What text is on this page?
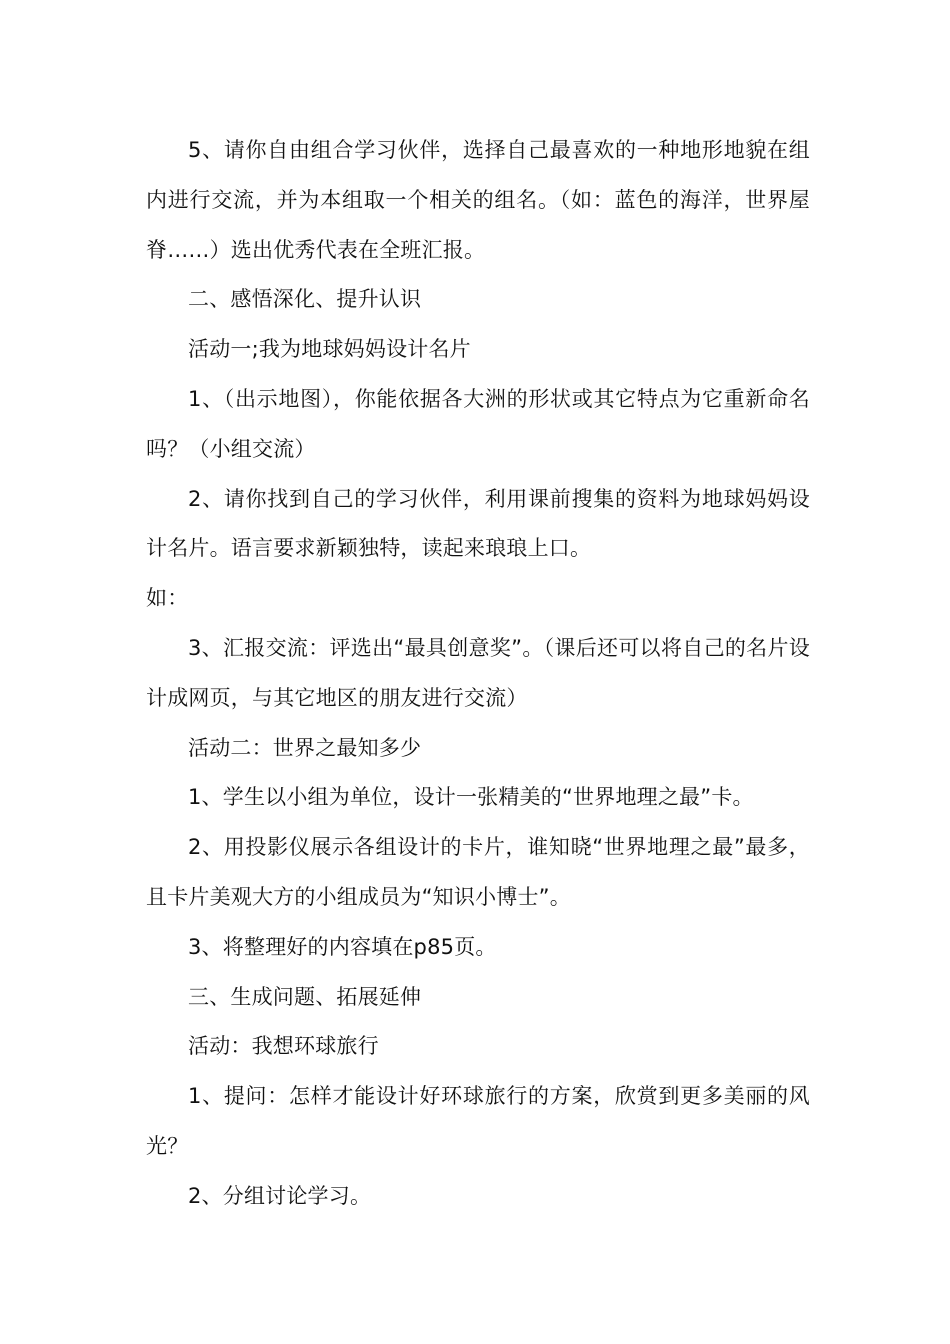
5、请你自由组合学习伙伴，选择自己最喜欢的一种地形地貌在组内进行交流，并为本组取一个相关的组名。（如：蓝色的海洋，世界屋脊……）选出优秀代表在全班汇报。

二、感悟深化、提升认识

活动一;我为地球妈妈设计名片

1、（出示地图），你能依据各大洲的形状或其它特点为它重新命名吗？（小组交流）

2、请你找到自己的学习伙伴，利用课前搜集的资料为地球妈妈设计名片。语言要求新颖独特，读起来琅琅上口。

如：

3、汇报交流：评选出“最具创意奖”。（课后还可以将自己的名片设计成网页，与其它地区的朋友进行交流）

活动二：世界之最知多少

1、学生以小组为单位，设计一张精美的“世界地理之最”卡。

2、用投影仪展示各组设计的卡片，谁知晓“世界地理之最”最多，且卡片美观大方的小组成员为“知识小博士”。

3、将整理好的内容填在p85页。

三、生成问题、拓展延伸

活动：我想环球旅行

1、提问：怎样才能设计好环球旅行的方案，欣赏到更多美丽的风光？

2、分组讨论学习。
